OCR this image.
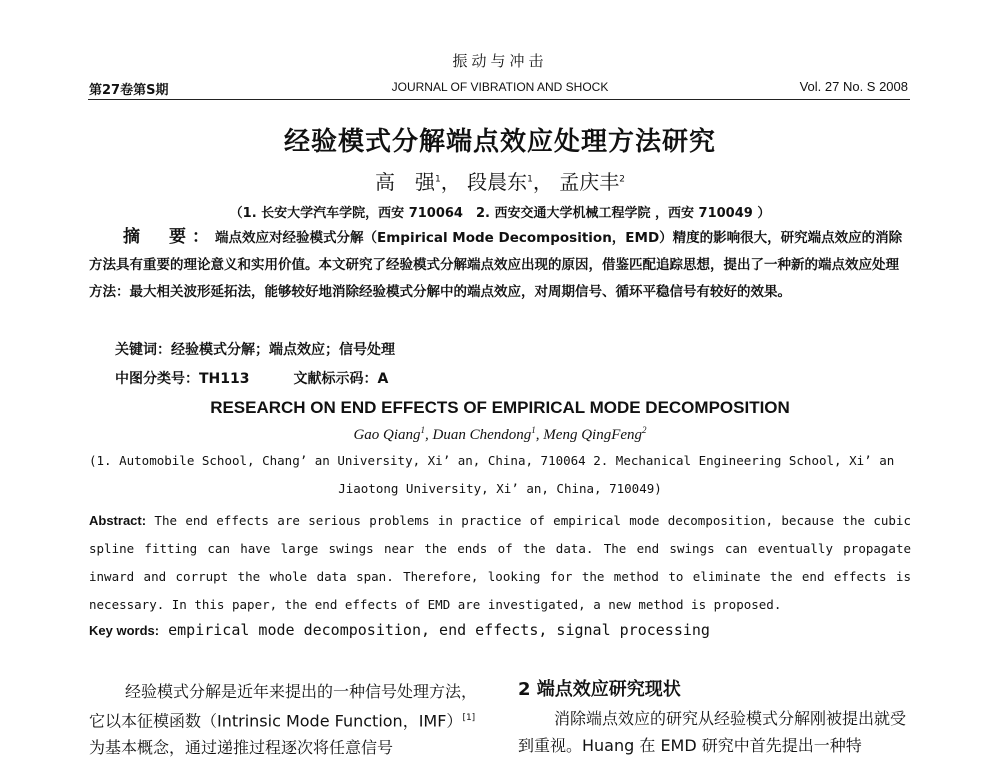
振动与冲击
第27卷第S期	JOURNAL OF VIBRATION AND SHOCK	Vol. 27 No. S 2008
经验模式分解端点效应处理方法研究
高　强$^1$， 段晨东$^1$， 孟庆丰$^2$
（1. 长安大学汽车学院，西安 710064　2. 西安交通大学机械工程学院 ，西安 710049 ）
摘　要：端点效应对经验模式分解（Empirical Mode Decomposition，EMD）精度的影响很大，研究端点效应的消除方法具有重要的理论意义和实用价值。本文研究了经验模式分解端点效应出现的原因，借鉴匹配追踪思想，提出了一种新的端点效应处理方法：最大相关波形延拓法，能够较好地消除经验模式分解中的端点效应，对周期信号、循环平稳信号有较好的效果。
关键词：经验模式分解；端点效应；信号处理
中图分类号：TH113	文献标示码：A
RESEARCH ON END EFFECTS OF EMPIRICAL MODE DECOMPOSITION
Gao Qiang$^1$, Duan Chendong$^1$, Meng QingFeng$^2$
(1. Automobile School, Chang’ an University, Xi’ an, China, 710064 2. Mechanical Engineering School, Xi’ an
Jiaotong University, Xi’ an, China, 710049)
Abstract: The end effects are serious problems in practice of empirical mode decomposition, because the cubic spline fitting can have large swings near the ends of the data. The end swings can eventually propagate inward and corrupt the whole data span. Therefore, looking for the method to eliminate the end effects is necessary. In this paper, the end effects of EMD are investigated, a new method is proposed.
Key words: empirical mode decomposition, end effects, signal processing
经验模式分解是近年来提出的一种信号处理方法，它以本征模函数（Intrinsic Mode Function，IMF）[1]为基本概念，通过递推过程逐次将任意信号
2 端点效应研究现状
消除端点效应的研究从经验模式分解刚被提出就受到重视。Huang 在 EMD 研究中首先提出一种特
